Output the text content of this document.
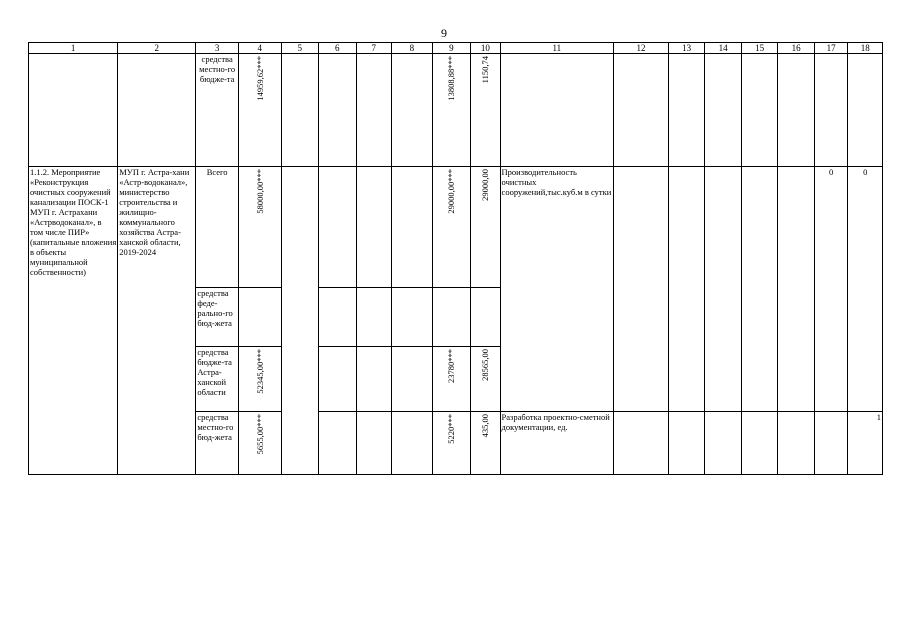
9
1	2	3	4	5	6	7	8	9	10	11	12	13	14	15	16	17	18
		средства местно-го бюдже-та	14959,62***					13808,88***	1150,74								

1.1.2. Мероприятие «Реконструкция очистных сооружений канализации ПОСК-1 МУП г. Астрахани «Астрводоканал», в том числе ПИР» (капитальные вложения в объекты муниципальной собственности)	МУП г. Астра-хани «Астр-водоканал», министерство строительства и жилищно-коммунального хозяйства Астра-ханской области, 2019-2024	Всего	58000,00***					29000,00***	29000,00	Производительность очистных сооружений,тыс.куб.м в сутки						0	0
		средства феде-рально-го бюд-жета										

		средства бюдже-та Астра-ханской области	52345,00***					23780***	28565,00								

		средства местно-го бюд-жета	5655,00***					5220***	435,00	Разработка проектно-сметной документации, ед.							1
